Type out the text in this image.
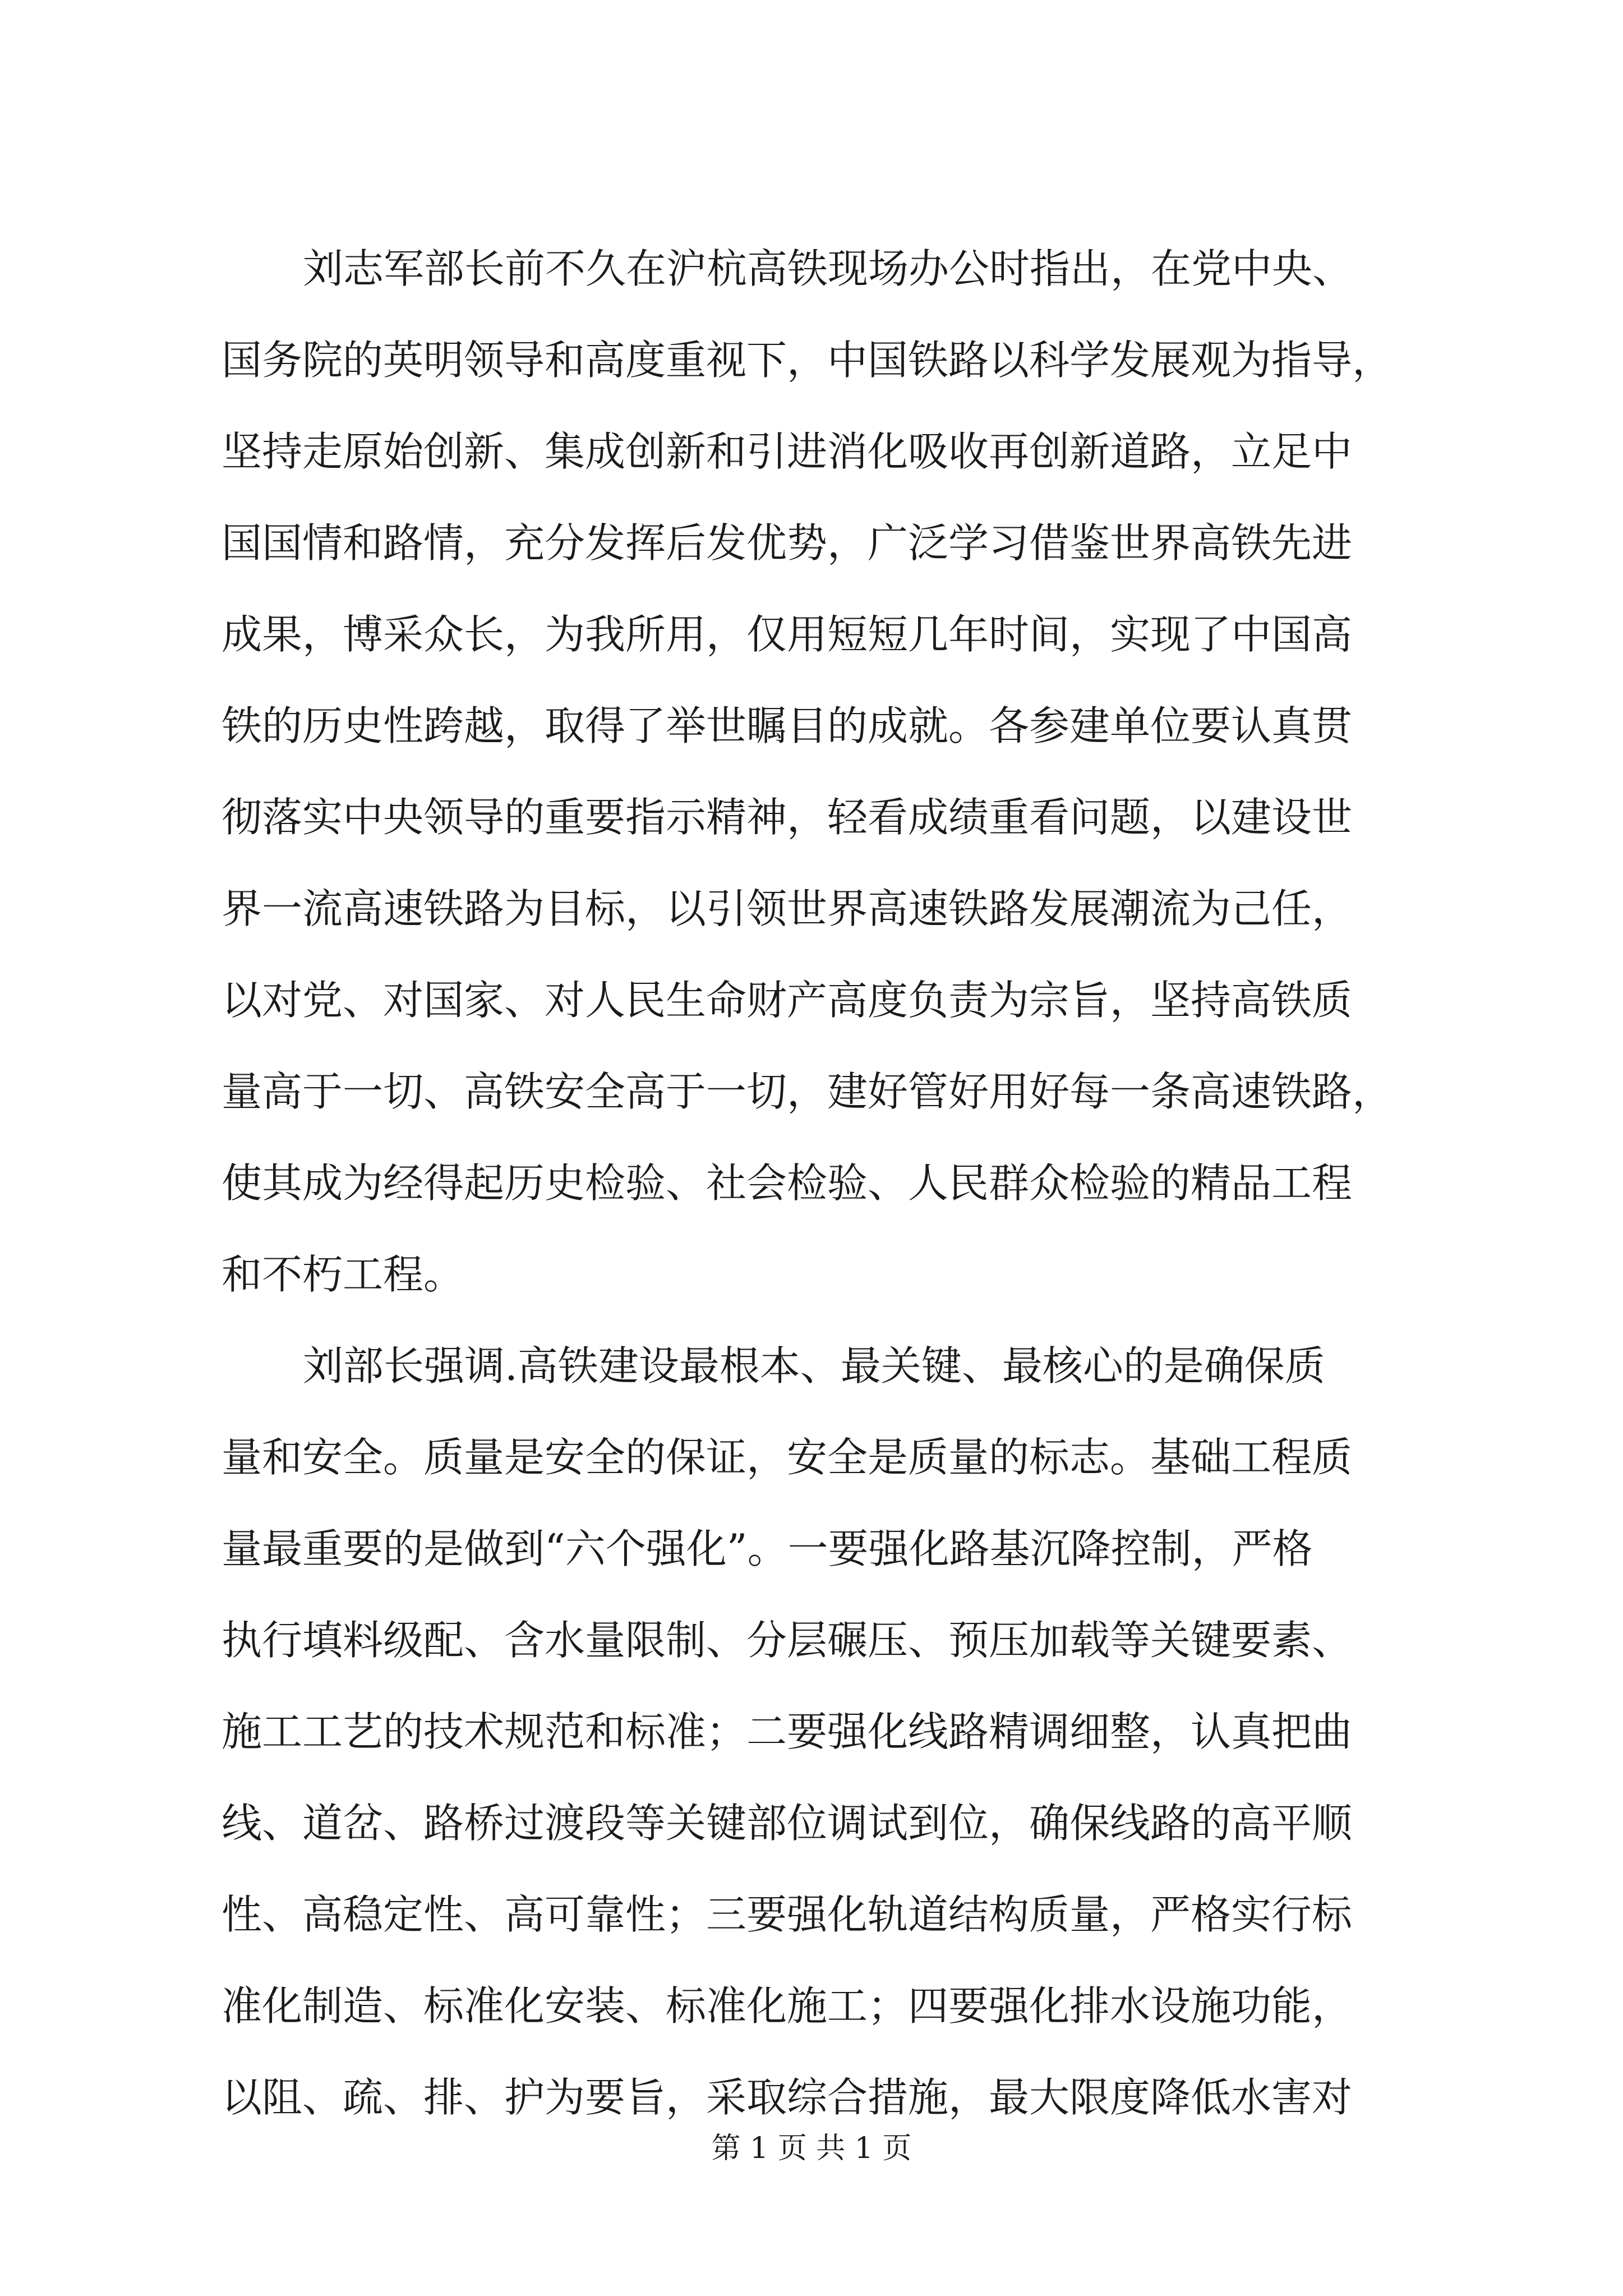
刘志军部长前不久在沪杭高铁现场办公时指出，在党中央、
国务院的英明领导和高度重视下，中国铁路以科学发展观为指导，
坚持走原始创新、集成创新和引进消化吸收再创新道路，立足中
国国情和路情，充分发挥后发优势，广泛学习借鉴世界高铁先进
成果，博采众长，为我所用，仅用短短几年时间，实现了中国高
铁的历史性跨越，取得了举世瞩目的成就。各参建单位要认真贯
彻落实中央领导的重要指示精神，轻看成绩重看问题，以建设世
界一流高速铁路为目标，以引领世界高速铁路发展潮流为己任，
以对党、对国家、对人民生命财产高度负责为宗旨，坚持高铁质
量高于一切、高铁安全高于一切，建好管好用好每一条高速铁路，
使其成为经得起历史检验、社会检验、人民群众检验的精品工程
和不朽工程。
刘部长强调.高铁建设最根本、最关键、最核心的是确保质
量和安全。质量是安全的保证，安全是质量的标志。基础工程质
量最重要的是做到“六个强化”。一要强化路基沉降控制，严格
执行填料级配、含水量限制、分层碾压、预压加载等关键要素、
施工工艺的技术规范和标准；二要强化线路精调细整，认真把曲
线、道岔、路桥过渡段等关键部位调试到位，确保线路的高平顺
性、高稳定性、高可靠性；三要强化轨道结构质量，严格实行标
准化制造、标准化安装、标准化施工；四要强化排水设施功能，
以阻、疏、排、护为要旨，采取综合措施，最大限度降低水害对
第 1 页 共 1 页
